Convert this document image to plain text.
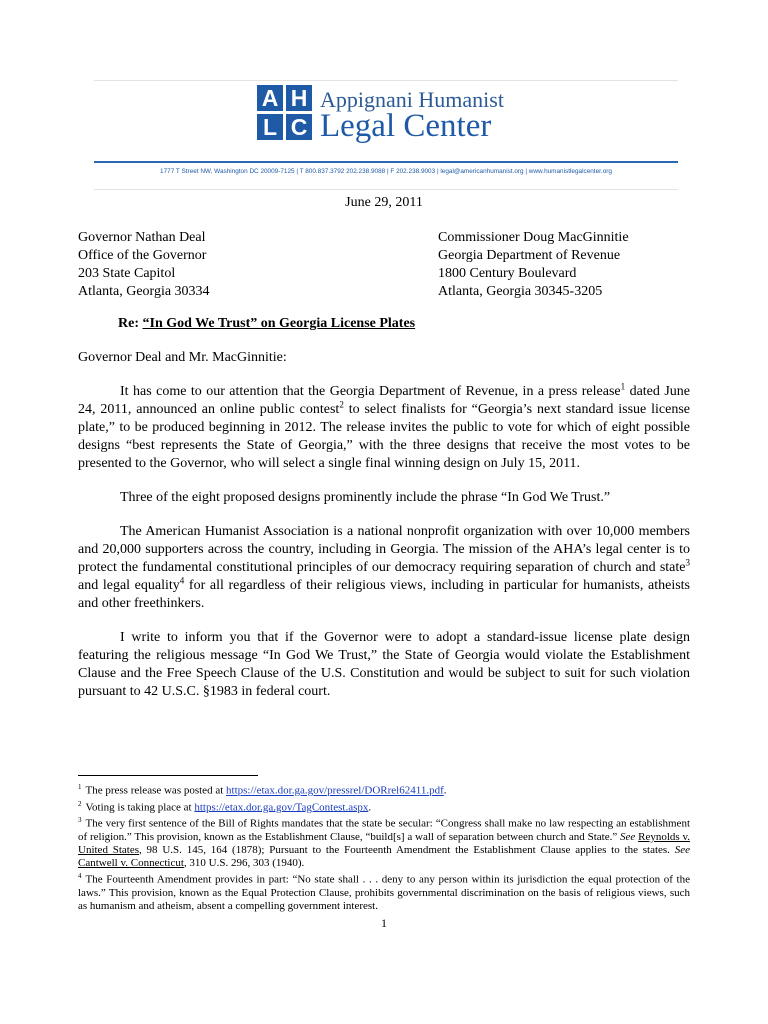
A H
L C
Appignani Humanist
Legal Center
1777 T Street NW, Washington DC 20009-7125 | T 800.837.3792 202.238.9088 | F 202.238.9003 | legal@americanhumanist.org | www.humanistlegalcenter.org
June 29, 2011
Governor Nathan Deal
Office of the Governor
203 State Capitol
Atlanta, Georgia 30334
Commissioner Doug MacGinnitie
Georgia Department of Revenue
1800 Century Boulevard
Atlanta, Georgia 30345-3205
Re: “In God We Trust” on Georgia License Plates
Governor Deal and Mr. MacGinnitie:

It has come to our attention that the Georgia Department of Revenue, in a press release$^1$ dated June 24, 2011, announced an online public contest$^2$ to select finalists for “Georgia’s next standard issue license plate,” to be produced beginning in 2012. The release invites the public to vote for which of eight possible designs “best represents the State of Georgia,” with the three designs that receive the most votes to be presented to the Governor, who will select a single final winning design on July 15, 2011.

Three of the eight proposed designs prominently include the phrase “In God We Trust.”

The American Humanist Association is a national nonprofit organization with over 10,000 members and 20,000 supporters across the country, including in Georgia. The mission of the AHA’s legal center is to protect the fundamental constitutional principles of our democracy requiring separation of church and state$^3$ and legal equality$^4$ for all regardless of their religious views, including in particular for humanists, atheists and other freethinkers.

I write to inform you that if the Governor were to adopt a standard-issue license plate design featuring the religious message “In God We Trust,” the State of Georgia would violate the Establishment Clause and the Free Speech Clause of the U.S. Constitution and would be subject to suit for such violation pursuant to 42 U.S.C. §1983 in federal court.

$^1$ The press release was posted at https://etax.dor.ga.gov/pressrel/DORrel62411.pdf.
$^2$ Voting is taking place at https://etax.dor.ga.gov/TagContest.aspx.
$^3$ The very first sentence of the Bill of Rights mandates that the state be secular: “Congress shall make no law respecting an establishment of religion.” This provision, known as the Establishment Clause, “build[s] a wall of separation between church and State.” See Reynolds v. United States, 98 U.S. 145, 164 (1878); Pursuant to the Fourteenth Amendment the Establishment Clause applies to the states. See Cantwell v. Connecticut, 310 U.S. 296, 303 (1940).
$^4$ The Fourteenth Amendment provides in part: “No state shall . . . deny to any person within its jurisdiction the equal protection of the laws.” This provision, known as the Equal Protection Clause, prohibits governmental discrimination on the basis of religious views, such as humanism and atheism, absent a compelling government interest.
1
